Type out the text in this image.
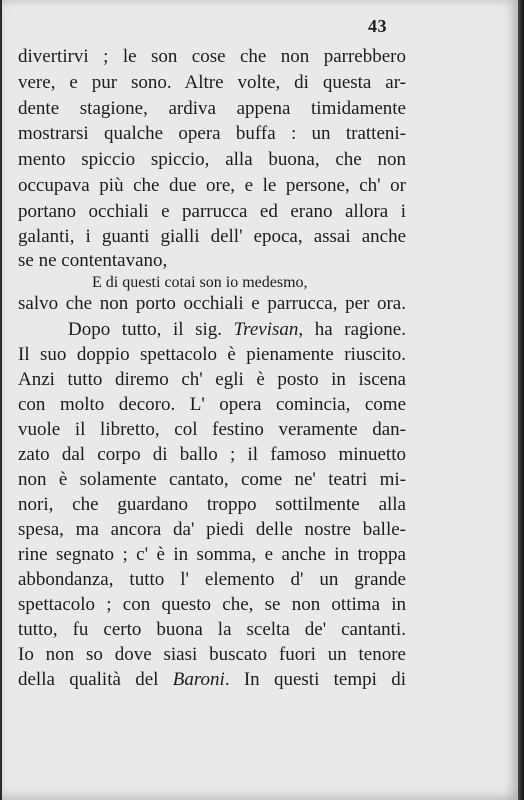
43
divertirvi ; le son cose che non parrebbero
vere, e pur sono. Altre volte, di questa ar-
dente stagione, ardiva appena timidamente
mostrarsi qualche opera buffa : un tratteni-
mento spiccio spiccio, alla buona, che non
occupava più che due ore, e le persone, ch' or
portano occhiali e parrucca ed erano allora i
galanti, i guanti gialli dell' epoca, assai anche
se ne contentavano,
E di questi cotai son io medesmo,
salvo che non porto occhiali e parrucca, per ora.
Dopo tutto, il sig. Trevisan, ha ragione.
Il suo doppio spettacolo è pienamente riuscito.
Anzi tutto diremo ch' egli è posto in iscena
con molto decoro. L' opera comincia, come
vuole il libretto, col festino veramente dan-
zato dal corpo di ballo ; il famoso minuetto
non è solamente cantato, come ne' teatri mi-
nori, che guardano troppo sottilmente alla
spesa, ma ancora da' piedi delle nostre balle-
rine segnato ; c' è in somma, e anche in troppa
abbondanza, tutto l' elemento d' un grande
spettacolo ; con questo che, se non ottima in
tutto, fu certo buona la scelta de' cantanti.
Io non so dove siasi buscato fuori un tenore
della qualità del Baroni. In questi tempi di
